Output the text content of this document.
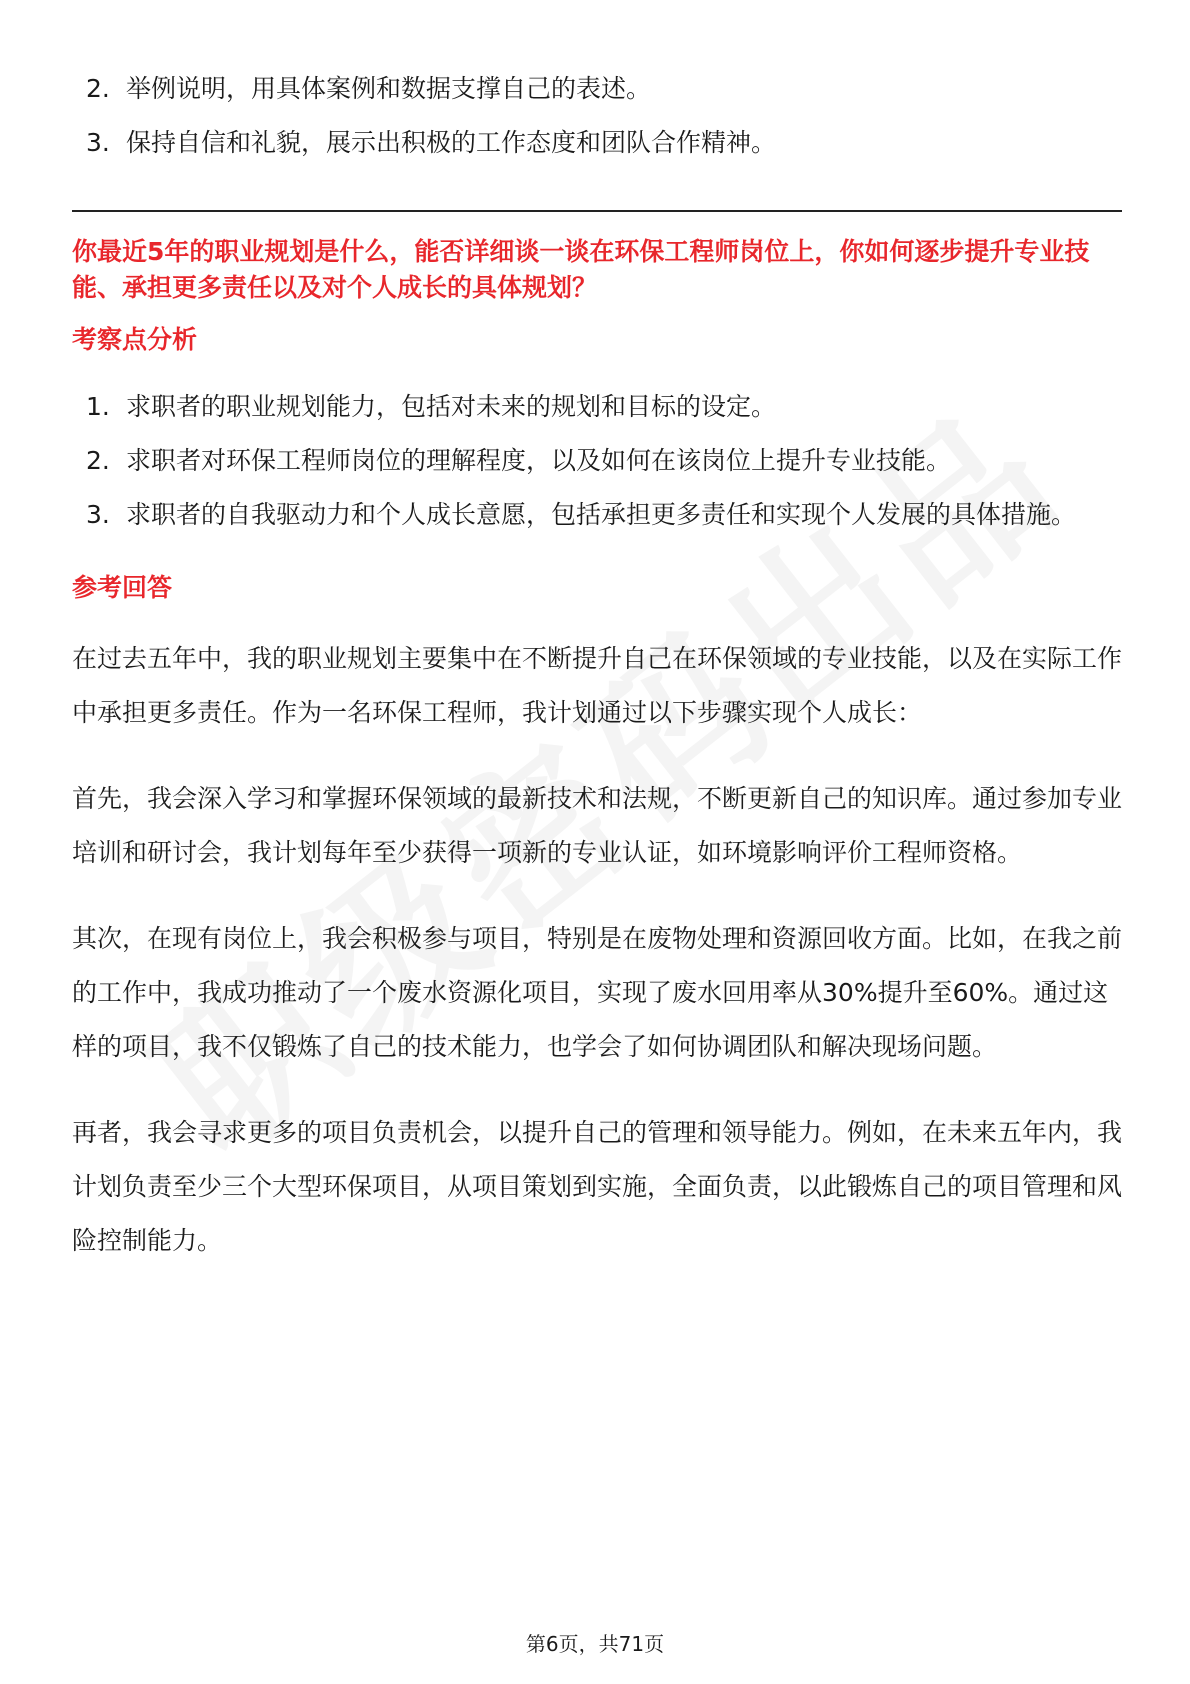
2. 举例说明，用具体案例和数据支撑自己的表述。
3. 保持自信和礼貌，展示出积极的工作态度和团队合作精神。

你最近5年的职业规划是什么，能否详细谈一谈在环保工程师岗位上，你如何逐步提升专业技能、承担更多责任以及对个人成长的具体规划？

考察点分析
1. 求职者的职业规划能力，包括对未来的规划和目标的设定。
2. 求职者对环保工程师岗位的理解程度，以及如何在该岗位上提升专业技能。
3. 求职者的自我驱动力和个人成长意愿，包括承担更多责任和实现个人发展的具体措施。
参考回答

在过去五年中，我的职业规划主要集中在不断提升自己在环保领域的专业技能，以及在实际工作中承担更多责任。作为一名环保工程师，我计划通过以下步骤实现个人成长：

首先，我会深入学习和掌握环保领域的最新技术和法规，不断更新自己的知识库。通过参加专业培训和研讨会，我计划每年至少获得一项新的专业认证，如环境影响评价工程师资格。

其次，在现有岗位上，我会积极参与项目，特别是在废物处理和资源回收方面。比如，在我之前的工作中，我成功推动了一个废水资源化项目，实现了废水回用率从30%提升至60%。通过这样的项目，我不仅锻炼了自己的技术能力，也学会了如何协调团队和解决现场问题。

再者，我会寻求更多的项目负责机会，以提升自己的管理和领导能力。例如，在未来五年内，我计划负责至少三个大型环保项目，从项目策划到实施，全面负责，以此锻炼自己的项目管理和风险控制能力。

第6页，共71页
